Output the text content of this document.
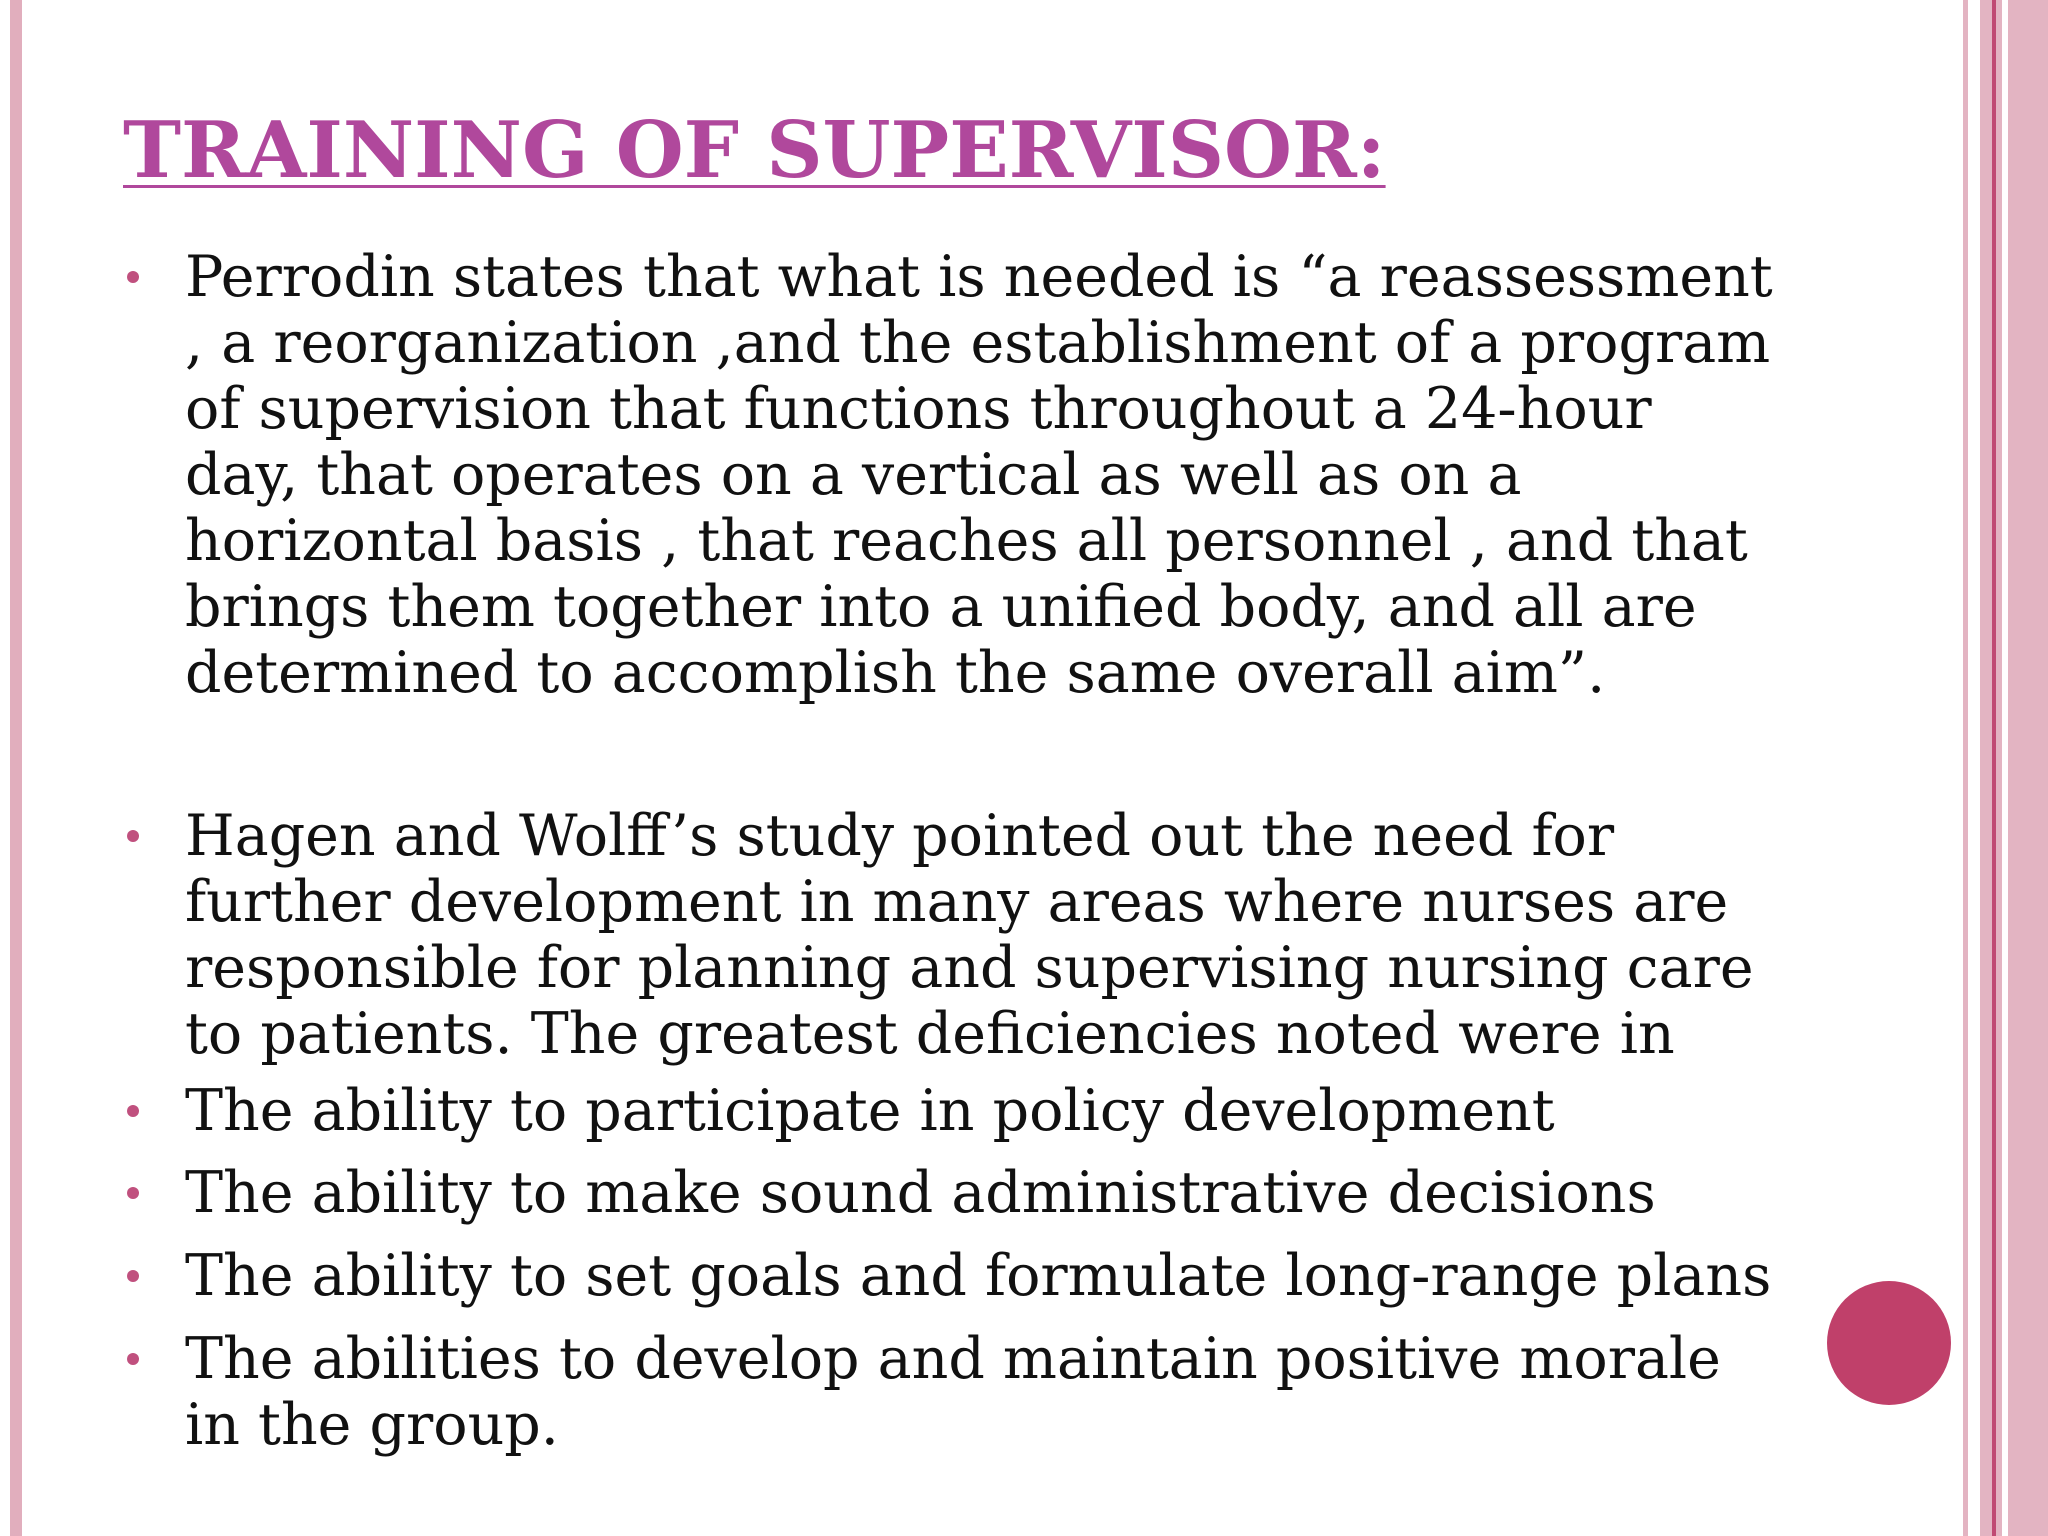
TRAINING OF SUPERVISOR:
Perrodin states that what is needed is “a reassessment
, a reorganization ,and the establishment of a program
of supervision that functions throughout a 24-hour
day, that operates on a vertical as well as on a
horizontal basis , that reaches all personnel , and that
brings them together into a unified body, and all are
determined to accomplish the same overall aim”.
Hagen and Wolff’s study pointed out the need for
further development in many areas where nurses are
responsible for planning and supervising nursing care
to patients. The greatest deficiencies noted were in
The ability to participate in policy development
The ability to make sound administrative decisions
The ability to set goals and formulate long-range plans
The abilities to develop and maintain positive morale
in the group.
